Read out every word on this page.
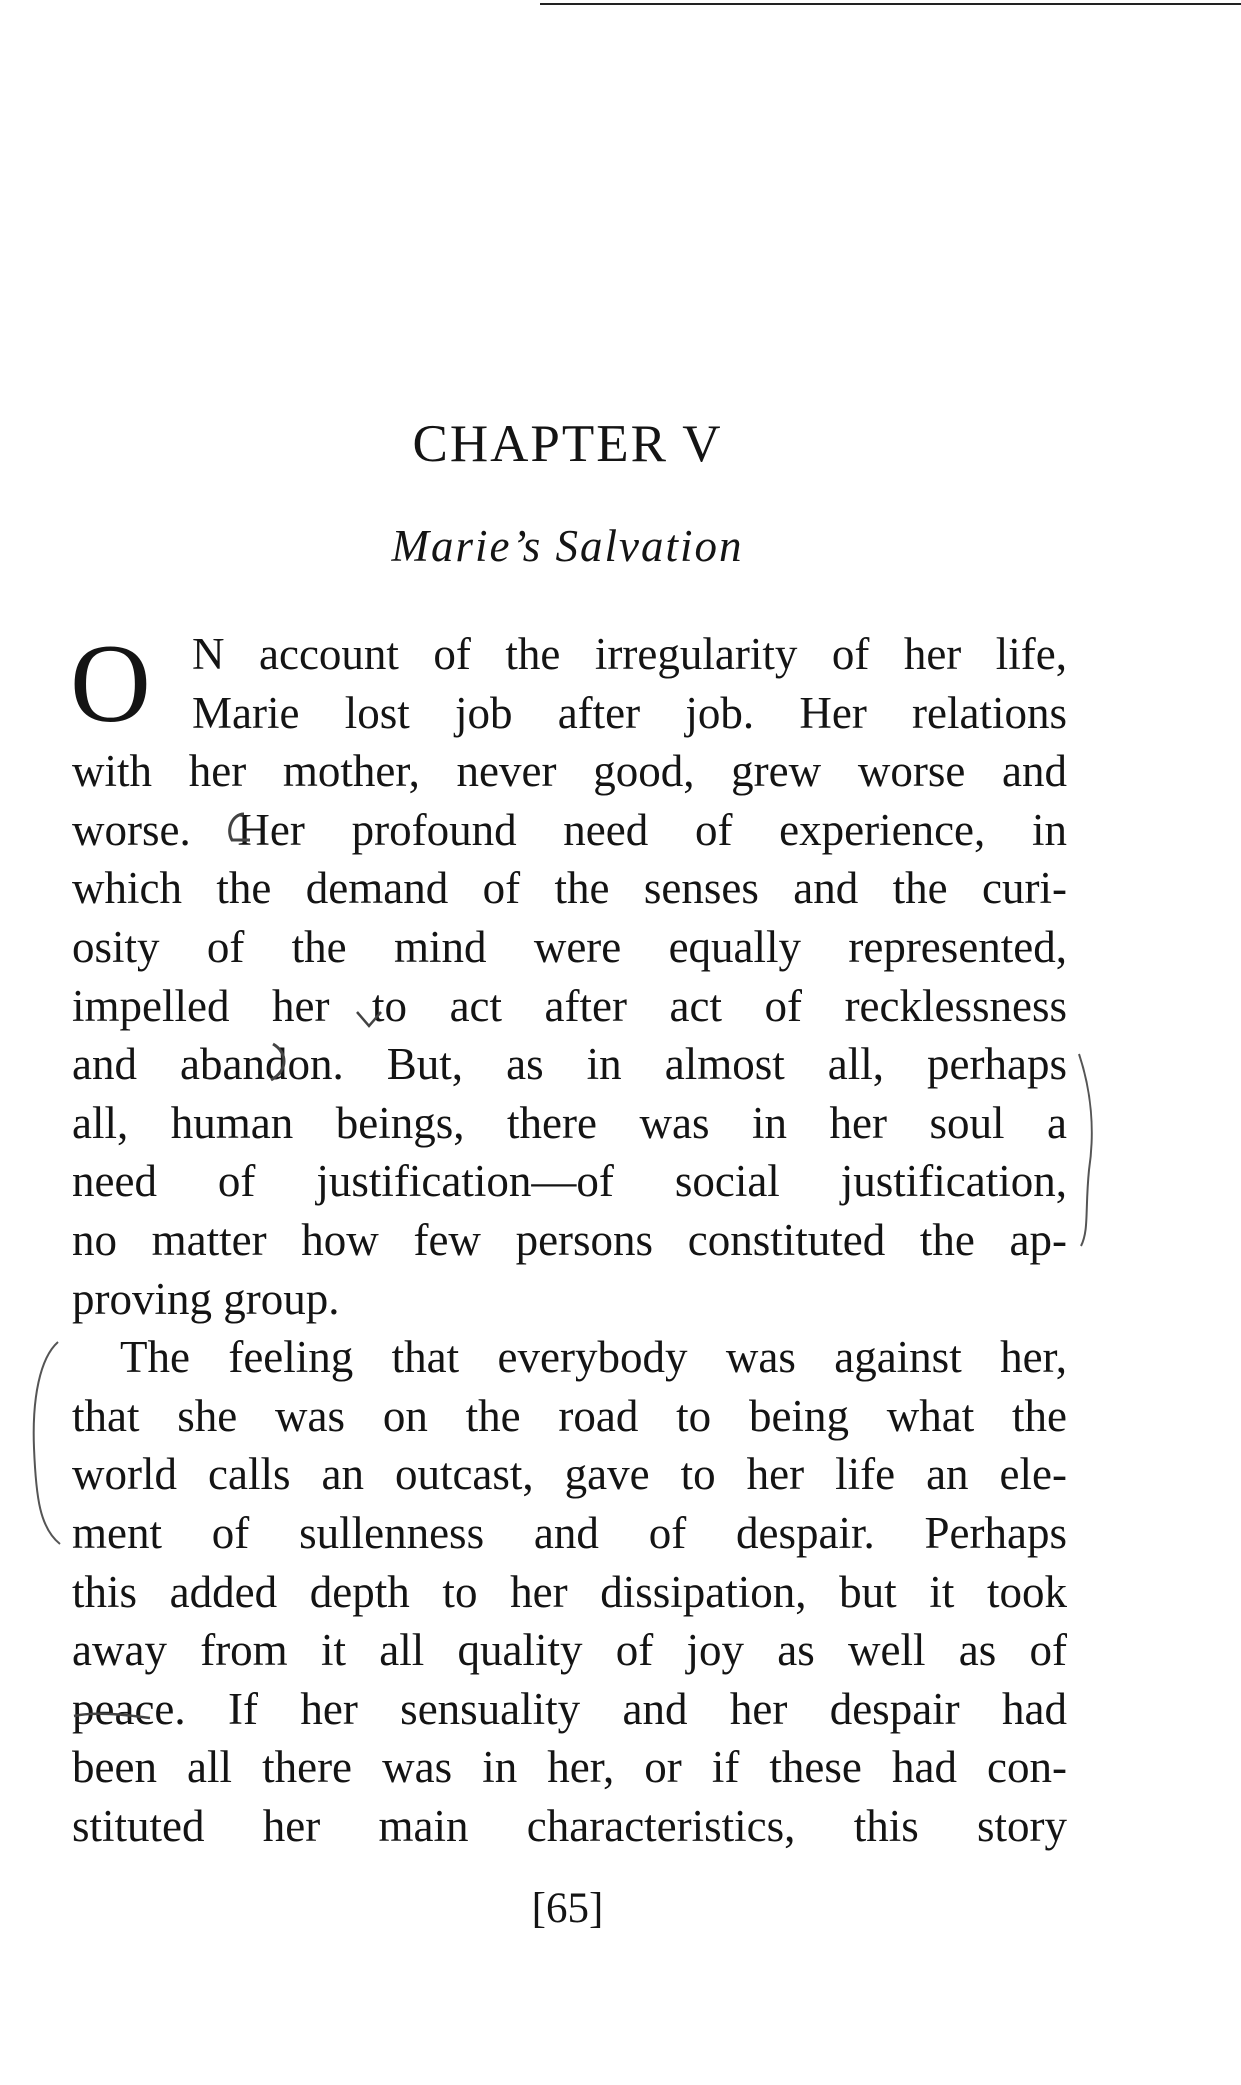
CHAPTER V
Marie’s Salvation
O N account of the irregularity of her life,
Marie lost job after job. Her relations
with her mother, never good, grew worse and
worse. Her profound need of experience, in
which the demand of the senses and the curi-
osity of the mind were equally represented,
impelled her to act after act of recklessness
and abandon. But, as in almost all, perhaps
all, human beings, there was in her soul a
need of justification—of social justification,
no matter how few persons constituted the ap-
proving group.
The feeling that everybody was against her,
that she was on the road to being what the
world calls an outcast, gave to her life an ele-
ment of sullenness and of despair. Perhaps
this added depth to her dissipation, but it took
away from it all quality of joy as well as of
peace. If her sensuality and her despair had
been all there was in her, or if these had con-
stituted her main characteristics, this story
[65]
